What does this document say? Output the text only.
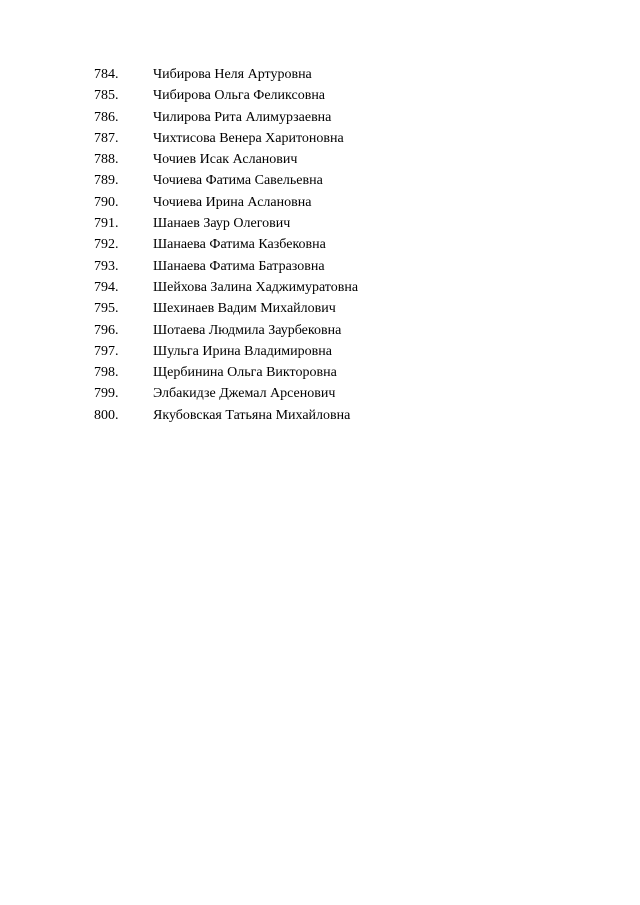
784.	Чибирова Неля Артуровна
785.	Чибирова Ольга Феликсовна
786.	Чилирова Рита Алимурзаевна
787.	Чихтисова Венера Харитоновна
788.	Чочиев Исак Асланович
789.	Чочиева Фатима Савельевна
790.	Чочиева Ирина Аслановна
791.	Шанаев Заур Олегович
792.	Шанаева Фатима Казбековна
793.	Шанаева Фатима Батразовна
794.	Шейхова Залина Хаджимуратовна
795.	Шехинаев Вадим Михайлович
796.	Шотаева Людмила Заурбековна
797.	Шульга Ирина Владимировна
798.	Щербинина Ольга Викторовна
799.	Элбакидзе Джемал Арсенович
800.	Якубовская Татьяна Михайловна
